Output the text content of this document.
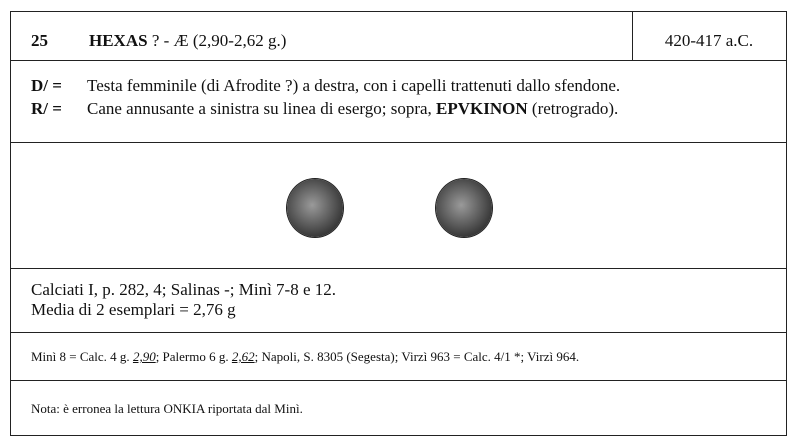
25 HEXAS ? - Æ (2,90-2,62 g.)	420-417 a.C.
D/ = Testa femminile (di Afrodite ?) a destra, con i capelli trattenuti dallo sfendone.
R/ = Cane annusante a sinistra su linea di esergo; sopra, EPVKINON (retrogrado).
Calciati I, p. 282, 4; Salinas -; Minì 7-8 e 12.
Media di 2 esemplari = 2,76 g
Minì 8 = Calc. 4 g. 2,90; Palermo 6 g. 2,62; Napoli, S. 8305 (Segesta); Virzì 963 = Calc. 4/1 *; Virzì 964.
Nota: è erronea la lettura ONKIA riportata dal Minì.
